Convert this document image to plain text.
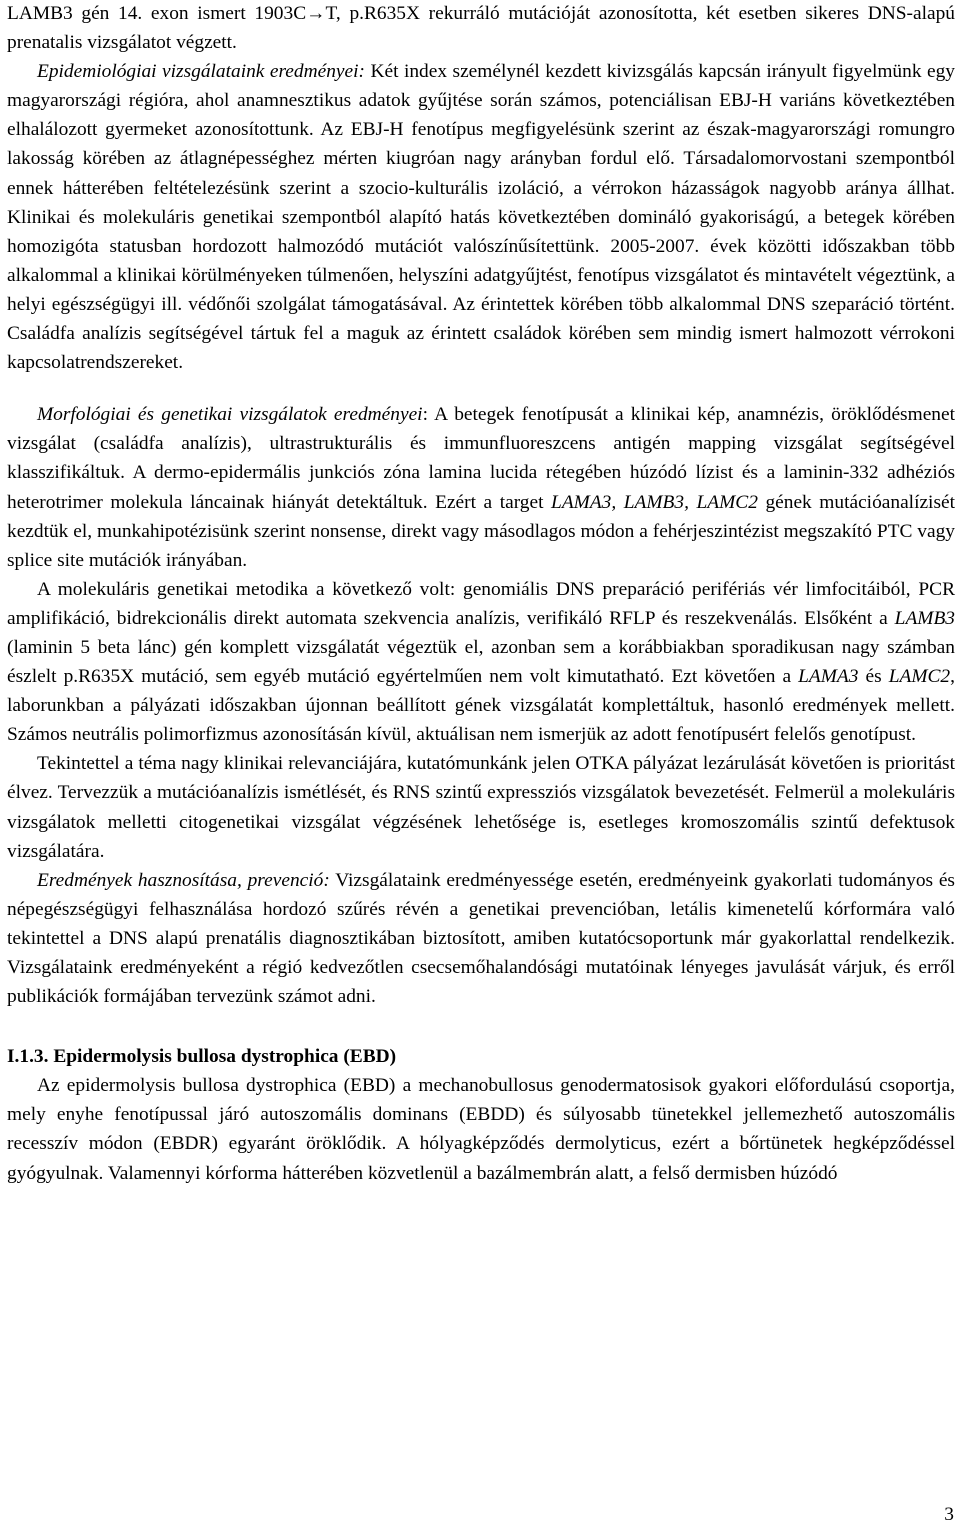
LAMB3 gén 14. exon ismert 1903C→T, p.R635X rekurráló mutációját azonosította, két esetben sikeres DNS-alapú prenatalis vizsgálatot végzett.

Epidemiológiai vizsgálataink eredményei: Két index személynél kezdett kivizsgálás kapcsán irányult figyelmünk egy magyarországi régióra, ahol anamnesztikus adatok gyűjtése során számos, potenciálisan EBJ-H variáns következtében elhalálozott gyermeket azonosítottunk. Az EBJ-H fenotípus megfigyelésünk szerint az észak-magyarországi romungro lakosság körében az átlagnépességhez mérten kiugróan nagy arányban fordul elő. Társadalomorvostani szempontból ennek hátterében feltételezésünk szerint a szocio-kulturális izoláció, a vérrokon házasságok nagyobb aránya állhat. Klinikai és molekuláris genetikai szempontból alapító hatás következtében domináló gyakoriságú, a betegek körében homozigóta statusban hordozott halmozódó mutációt valószínűsítettünk. 2005-2007. évek közötti időszakban több alkalommal a klinikai körülményeken túlmenően, helyszíni adatgyűjtést, fenotípus vizsgálatot és mintavételt végeztünk, a helyi egészségügyi ill. védőnői szolgálat támogatásával. Az érintettek körében több alkalommal DNS szeparáció történt. Családfa analízis segítségével tártuk fel a maguk az érintett családok körében sem mindig ismert halmozott vérrokoni kapcsolatrendszereket.

Morfológiai és genetikai vizsgálatok eredményei: A betegek fenotípusát a klinikai kép, anamnézis, öröklődésmenet vizsgálat (családfa analízis), ultrastrukturális és immunfluoreszcens antigén mapping vizsgálat segítségével klasszifikáltuk. A dermo-epidermális junkciós zóna lamina lucida rétegében húzódó lízist és a laminin-332 adhéziós heterotrimer molekula láncainak hiányát detektáltuk. Ezért a target LAMA3, LAMB3, LAMC2 gének mutációanalízisét kezdtük el, munkahipotézisünk szerint nonsense, direkt vagy másodlagos módon a fehérjeszintézist megszakító PTC vagy splice site mutációk irányában.

A molekuláris genetikai metodika a következő volt: genomiális DNS preparáció perifériás vér limfocitáiból, PCR amplifikáció, bidrekcionális direkt automata szekvencia analízis, verifikáló RFLP és reszekvenálás. Elsőként a LAMB3 (laminin 5 beta lánc) gén komplett vizsgálatát végeztük el, azonban sem a korábbiakban sporadikusan nagy számban észlelt p.R635X mutáció, sem egyéb mutáció egyértelműen nem volt kimutatható. Ezt követően a LAMA3 és LAMC2, laborunkban a pályázati időszakban újonnan beállított gének vizsgálatát komplettáltuk, hasonló eredmények mellett. Számos neutrális polimorfizmus azonosításán kívül, aktuálisan nem ismerjük az adott fenotípusért felelős genotípust.

Tekintettel a téma nagy klinikai relevanciájára, kutatómunkánk jelen OTKA pályázat lezárulását követően is prioritást élvez. Tervezzük a mutációanalízis ismétlését, és RNS szintű expressziós vizsgálatok bevezetését. Felmerül a molekuláris vizsgálatok melletti citogenetikai vizsgálat végzésének lehetősége is, esetleges kromoszomális szintű defektusok vizsgálatára.

Eredmények hasznosítása, prevenció: Vizsgálataink eredményessége esetén, eredményeink gyakorlati tudományos és népegészségügyi felhasználása hordozó szűrés révén a genetikai prevencióban, letális kimenetelű kórformára való tekintettel a DNS alapú prenatális diagnosztikában biztosított, amiben kutatócsoportunk már gyakorlattal rendelkezik. Vizsgálataink eredményeként a régió kedvezőtlen csecsemőhalandósági mutatóinak lényeges javulását várjuk, és erről publikációk formájában tervezünk számot adni.

I.1.3. Epidermolysis bullosa dystrophica (EBD)

Az epidermolysis bullosa dystrophica (EBD) a mechanobullosus genodermatosisok gyakori előfordulású csoportja, mely enyhe fenotípussal járó autoszomális dominans (EBDD) és súlyosabb tünetekkel jellemezhető autoszomális recesszív módon (EBDR) egyaránt öröklődik. A hólyagképződés dermolyticus, ezért a bőrtünetek hegképződéssel gyógyulnak. Valamennyi kórforma hátterében közvetlenül a bazálmembrán alatt, a felső dermisben húzódó

3
